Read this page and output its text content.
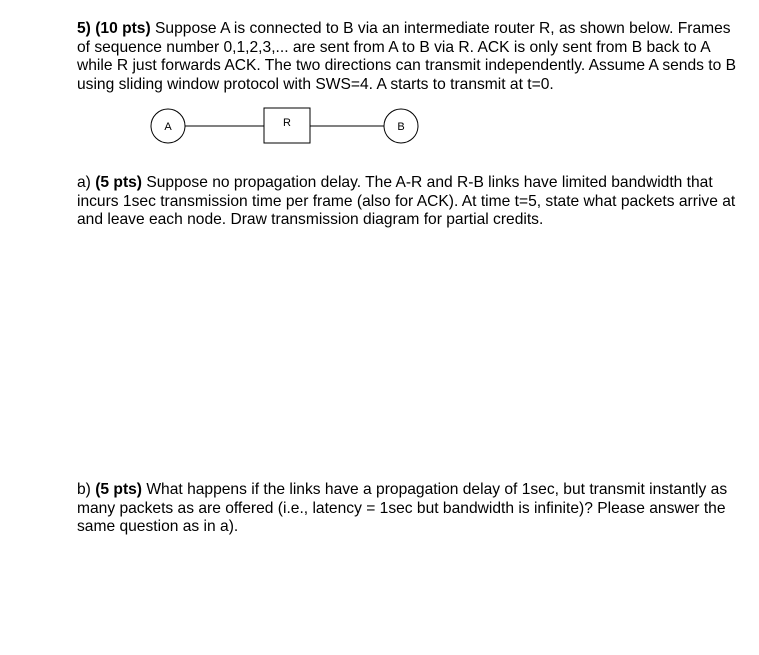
5) (10 pts) Suppose A is connected to B via an intermediate router R, as shown below. Frames of sequence number 0,1,2,3,... are sent from A to B via R. ACK is only sent from B back to A while R just forwards ACK. The two directions can transmit independently. Assume A sends to B using sliding window protocol with SWS=4. A starts to transmit at t=0.
A	R	B
a) (5 pts) Suppose no propagation delay. The A-R and R-B links have limited bandwidth that incurs 1sec transmission time per frame (also for ACK). At time t=5, state what packets arrive at and leave each node. Draw transmission diagram for partial credits.
b) (5 pts) What happens if the links have a propagation delay of 1sec, but transmit instantly as many packets as are offered (i.e., latency = 1sec but bandwidth is infinite)? Please answer the same question as in a).
